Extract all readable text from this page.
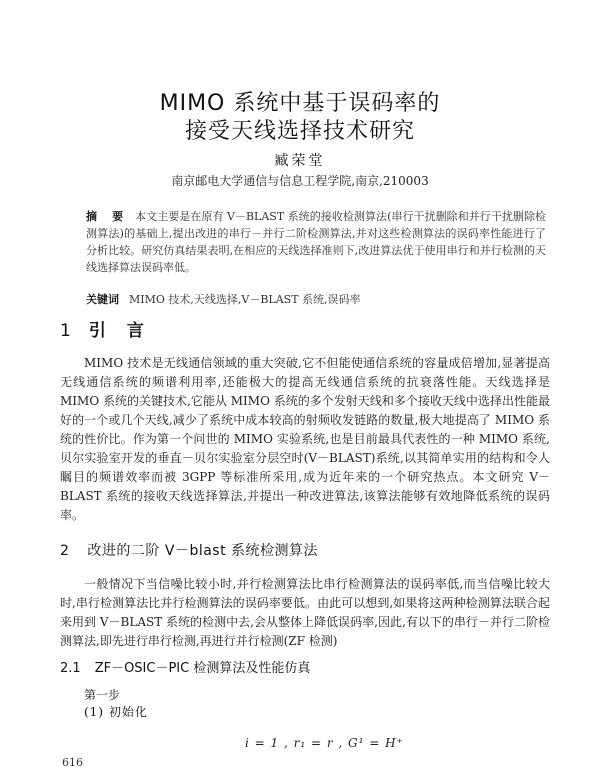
MIMO 系统中基于误码率的
接受天线选择技术研究
臧荣堂
南京邮电大学通信与信息工程学院,南京,210003
摘　要 本文主要是在原有 V－BLAST 系统的接收检测算法(串行干扰删除和并行干扰删除检测算法)的基础上,提出改进的串行－并行二阶检测算法,并对这些检测算法的误码率性能进行了分析比较。研究仿真结果表明,在相应的天线选择准则下,改进算法优于使用串行和并行检测的天线选择算法误码率低。
关键词 MIMO 技术,天线选择,V－BLAST 系统,误码率
1 引　言
MIMO 技术是无线通信领域的重大突破,它不但能使通信系统的容量成倍增加,显著提高无线通信系统的频谱利用率,还能极大的提高无线通信系统的抗衰落性能。天线选择是 MIMO 系统的关键技术,它能从 MIMO 系统的多个发射天线和多个接收天线中选择出性能最好的一个或几个天线,减少了系统中成本较高的射频收发链路的数量,极大地提高了 MIMO 系统的性价比。作为第一个问世的 MIMO 实验系统,也是目前最具代表性的一种 MIMO 系统,贝尔实验室开发的垂直－贝尔实验室分层空时(V－BLAST)系统,以其简单实用的结构和令人瞩目的频谱效率而被 3GPP 等标准所采用,成为近年来的一个研究热点。本文研究 V－BLAST 系统的接收天线选择算法,并提出一种改进算法,该算法能够有效地降低系统的误码率。
2 改进的二阶 V－blast 系统检测算法
一般情况下当信噪比较小时,并行检测算法比串行检测算法的误码率低,而当信噪比较大时,串行检测算法比并行检测算法的误码率要低。由此可以想到,如果将这两种检测算法联合起来用到 V－BLAST 系统的检测中去,会从整体上降低误码率,因此,有以下的串行－并行二阶检测算法,即先进行串行检测,再进行并行检测(ZF 检测)
2.1 ZF－OSIC－PIC 检测算法及性能仿真
第一步
(1) 初始化
i = 1 , r₁ = r , G¹ = H⁺
616
